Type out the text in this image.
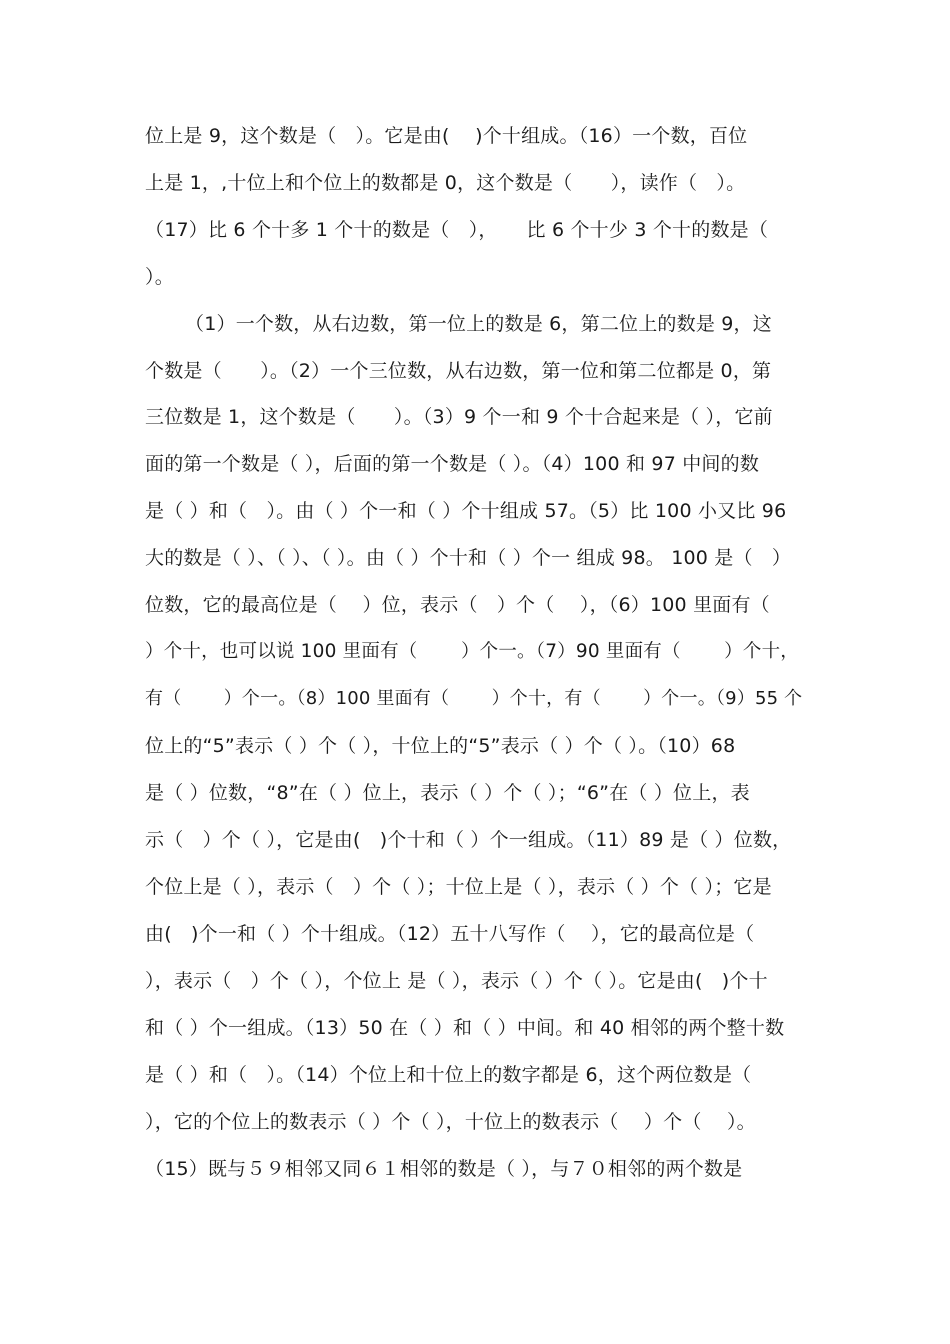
位上是 9，这个数是（　）。它是由(　 )个十组成。（16）一个数，百位
上是 1，,十位上和个位上的数都是 0，这个数是（　　），读作（　）。
（17）比 6 个十多 1 个十的数是（　），　　比 6 个十少 3 个十的数是（
）。
（1）一个数，从右边数，第一位上的数是 6，第二位上的数是 9，这
个数是（　　）。（2）一个三位数，从右边数，第一位和第二位都是 0，第
三位数是 1，这个数是（　　）。（3）9 个一和 9 个十合起来是（ ），它前
面的第一个数是（ ），后面的第一个数是（ ）。（4）100 和 97 中间的数
是（ ）和（　）。由（ ）个一和（ ）个十组成 57。（5）比 100 小又比 96
大的数是（ ）、（ ）、（ ）。由（ ）个十和（ ）个一 组成 98。 100 是（　）
位数，它的最高位是（　 ）位，表示（　）个（　 ），（6）100 里面有（
）个十，也可以说 100 里面有（　　 ）个一。（7）90 里面有（　　 ）个十，
有（　　 ）个一。（8）100 里面有（　　 ）个十，有（　　 ）个一。（9）55 个
位上的“5”表示（ ）个（ ），十位上的“5”表示（ ）个（ ）。（10）68
是（ ）位数，“8”在（ ）位上，表示（ ）个（ ）；“6”在（ ）位上，表
示（　）个（ ），它是由(　)个十和（ ）个一组成。（11）89 是（ ）位数，
个位上是（ ），表示（　）个（ ）；十位上是（ ），表示（ ）个（ ）；它是
由(　)个一和（ ）个十组成。（12）五十八写作（　 ），它的最高位是（
），表示（　）个（ ），个位上 是（ ），表示（ ）个（ ）。它是由(　)个十
和（ ）个一组成。（13）50 在（ ）和（ ）中间。和 40 相邻的两个整十数
是（ ）和（　）。（14）个位上和十位上的数字都是 6，这个两位数是（
），它的个位上的数表示（ ）个（ ），十位上的数表示（　 ）个（　 ）。
（15）既与５９相邻又同６１相邻的数是（ ），与７０相邻的两个数是
